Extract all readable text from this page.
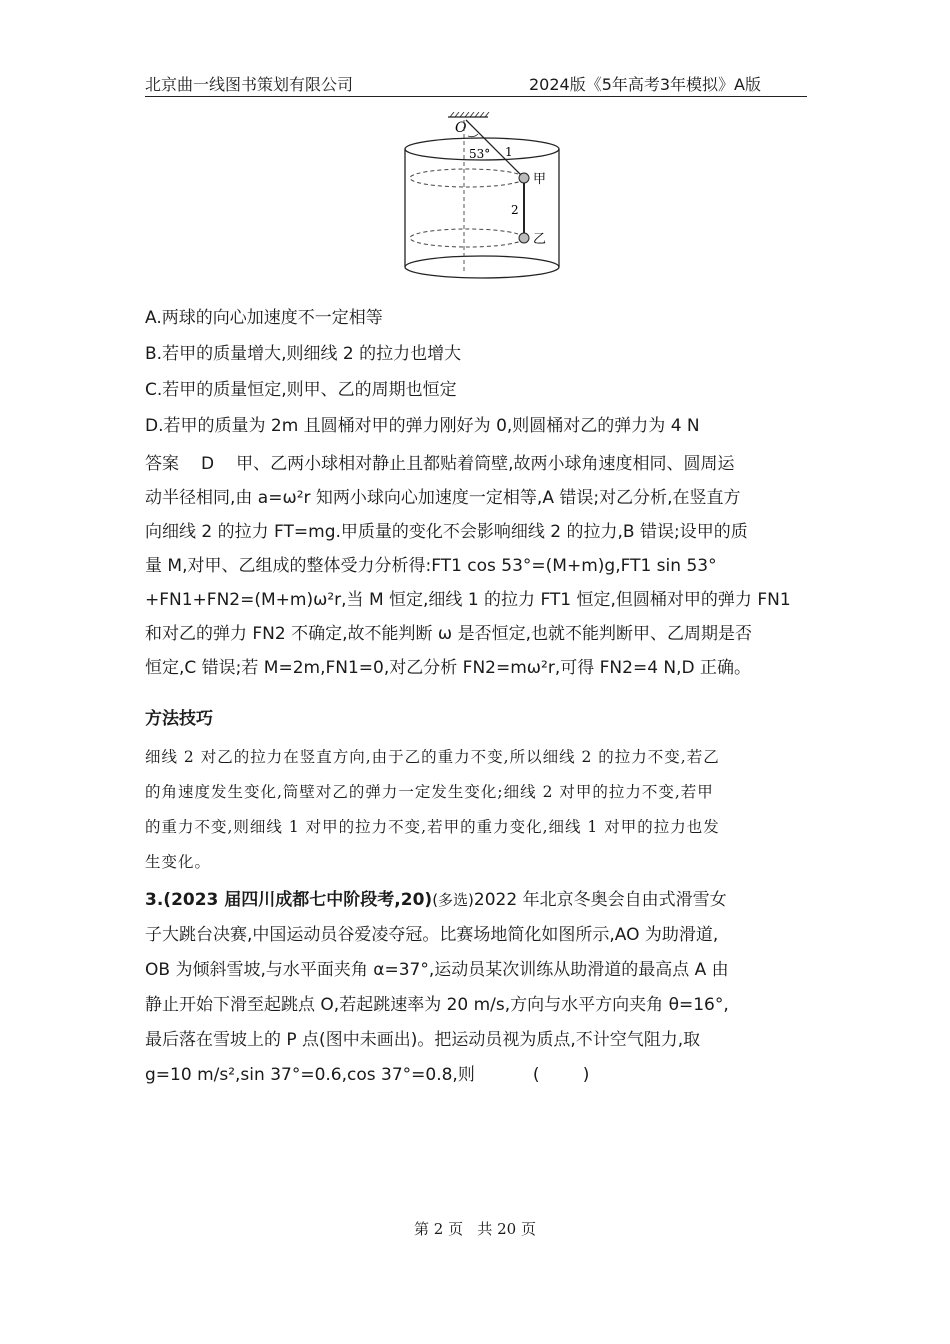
北京曲一线图书策划有限公司	2024版《5年高考3年模拟》A版
O
53° 1
2
甲
乙
A.两球的向心加速度不一定相等
B.若甲的质量增大,则细线 2 的拉力也增大
C.若甲的质量恒定,则甲、乙的周期也恒定
D.若甲的质量为 2m 且圆桶对甲的弹力刚好为 0,则圆桶对乙的弹力为 4 N
答案 D 甲、乙两小球相对静止且都贴着筒壁,故两小球角速度相同、圆周运
动半径相同,由 a=ω²r 知两小球向心加速度一定相等,A 错误;对乙分析,在竖直方
向细线 2 的拉力 FT=mg.甲质量的变化不会影响细线 2 的拉力,B 错误;设甲的质
量 M,对甲、乙组成的整体受力分析得:FT1 cos 53°=(M+m)g,FT1 sin 53°
+FN1+FN2=(M+m)ω²r,当 M 恒定,细线 1 的拉力 FT1 恒定,但圆桶对甲的弹力 FN1
和对乙的弹力 FN2 不确定,故不能判断 ω 是否恒定,也就不能判断甲、乙周期是否
恒定,C 错误;若 M=2m,FN1=0,对乙分析 FN2=mω²r,可得 FN2=4 N,D 正确。
方法技巧
细线 2 对乙的拉力在竖直方向,由于乙的重力不变,所以细线 2 的拉力不变,若乙
的角速度发生变化,筒壁对乙的弹力一定发生变化;细线 2 对甲的拉力不变,若甲
的重力不变,则细线 1 对甲的拉力不变,若甲的重力变化,细线 1 对甲的拉力也发
生变化。
3.(2023 届四川成都七中阶段考,20)(多选)2022 年北京冬奥会自由式滑雪女
子大跳台决赛,中国运动员谷爱凌夺冠。比赛场地简化如图所示,AO 为助滑道,
OB 为倾斜雪坡,与水平面夹角 α=37°,运动员某次训练从助滑道的最高点 A 由
静止开始下滑至起跳点 O,若起跳速率为 20 m/s,方向与水平方向夹角 θ=16°,
最后落在雪坡上的 P 点(图中未画出)。把运动员视为质点,不计空气阻力,取
g=10 m/s²,sin 37°=0.6,cos 37°=0.8,则	(        )
第 2 页   共 20 页
